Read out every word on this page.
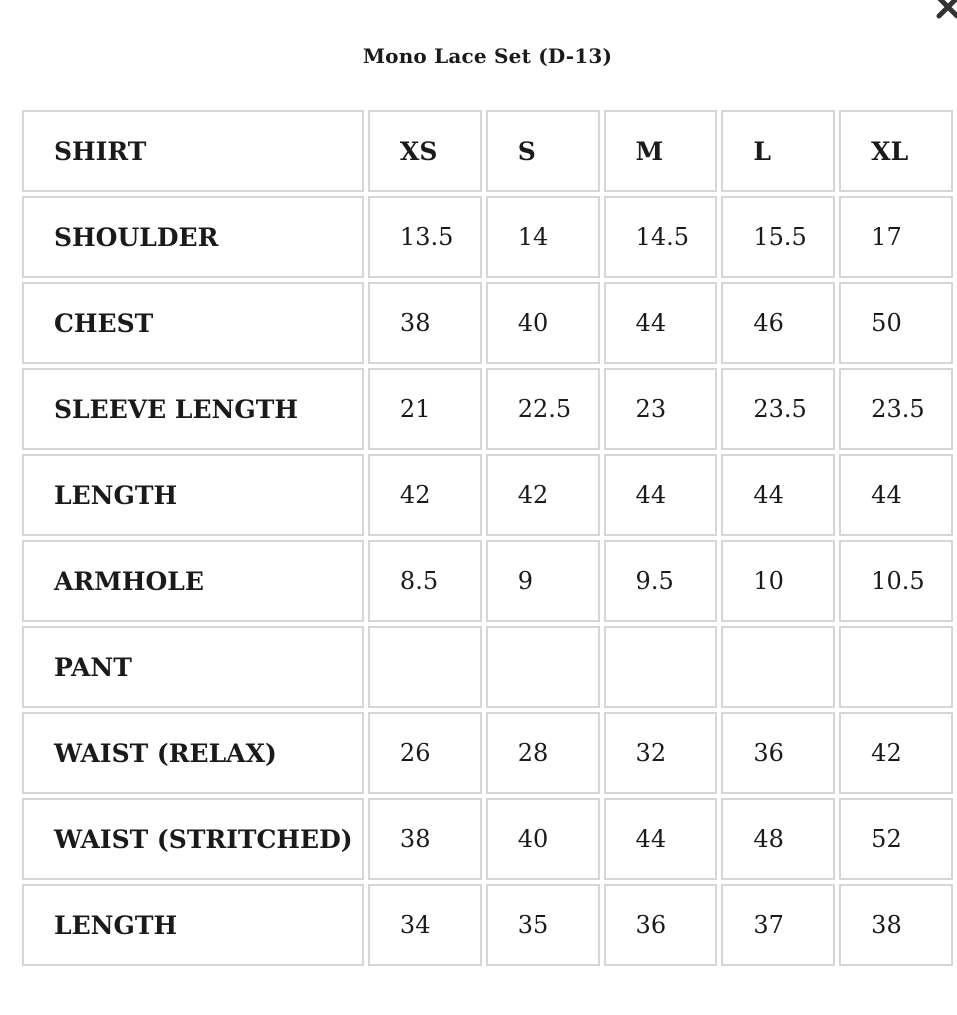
Mono Lace Set (D-13)
SHIRT	XS	S	M	L	XL
SHOULDER	13.5	14	14.5	15.5	17
CHEST	38	40	44	46	50
SLEEVE LENGTH	21	22.5	23	23.5	23.5
LENGTH	42	42	44	44	44
ARMHOLE	8.5	9	9.5	10	10.5
PANT					
WAIST (RELAX)	26	28	32	36	42
WAIST (STRITCHED)	38	40	44	48	52
LENGTH	34	35	36	37	38
